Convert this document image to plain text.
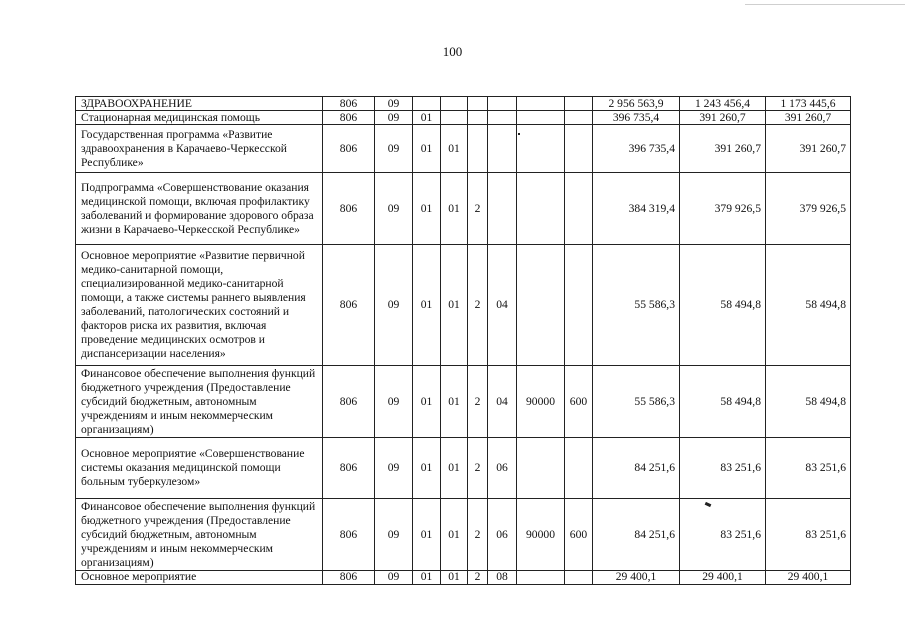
100
ЗДРАВООХРАНЕНИЕ	806	09							2 956 563,9	1 243 456,4	1 173 445,6
Стационарная медицинская помощь	806	09	01						396 735,4	391 260,7	391 260,7
Государственная программа «Развитие здравоохранения в Карачаево-Черкесской Республике»	806	09	01	01					396 735,4	391 260,7	391 260,7
Подпрограмма «Совершенствование оказания медицинской помощи, включая профилактику заболеваний и формирование здорового образа жизни в Карачаево-Черкесской Республике»	806	09	01	01	2				384 319,4	379 926,5	379 926,5
Основное мероприятие «Развитие первичной медико-санитарной помощи, специализированной медико-санитарной помощи, а также системы раннего выявления заболеваний, патологических состояний и факторов риска их развития, включая проведение медицинских осмотров и диспансеризации населения»	806	09	01	01	2	04			55 586,3	58 494,8	58 494,8
Финансовое обеспечение выполнения функций бюджетного учреждения (Предоставление субсидий бюджетным, автономным учреждениям и иным некоммерческим организациям)	806	09	01	01	2	04	90000	600	55 586,3	58 494,8	58 494,8
Основное мероприятие «Совершенствование системы оказания медицинской помощи больным туберкулезом»	806	09	01	01	2	06			84 251,6	83 251,6	83 251,6
Финансовое обеспечение выполнения функций бюджетного учреждения (Предоставление субсидий бюджетным, автономным учреждениям и иным некоммерческим организациям)	806	09	01	01	2	06	90000	600	84 251,6	83 251,6	83 251,6
Основное мероприятие	806	09	01	01	2	08			29 400,1	29 400,1	29 400,1
